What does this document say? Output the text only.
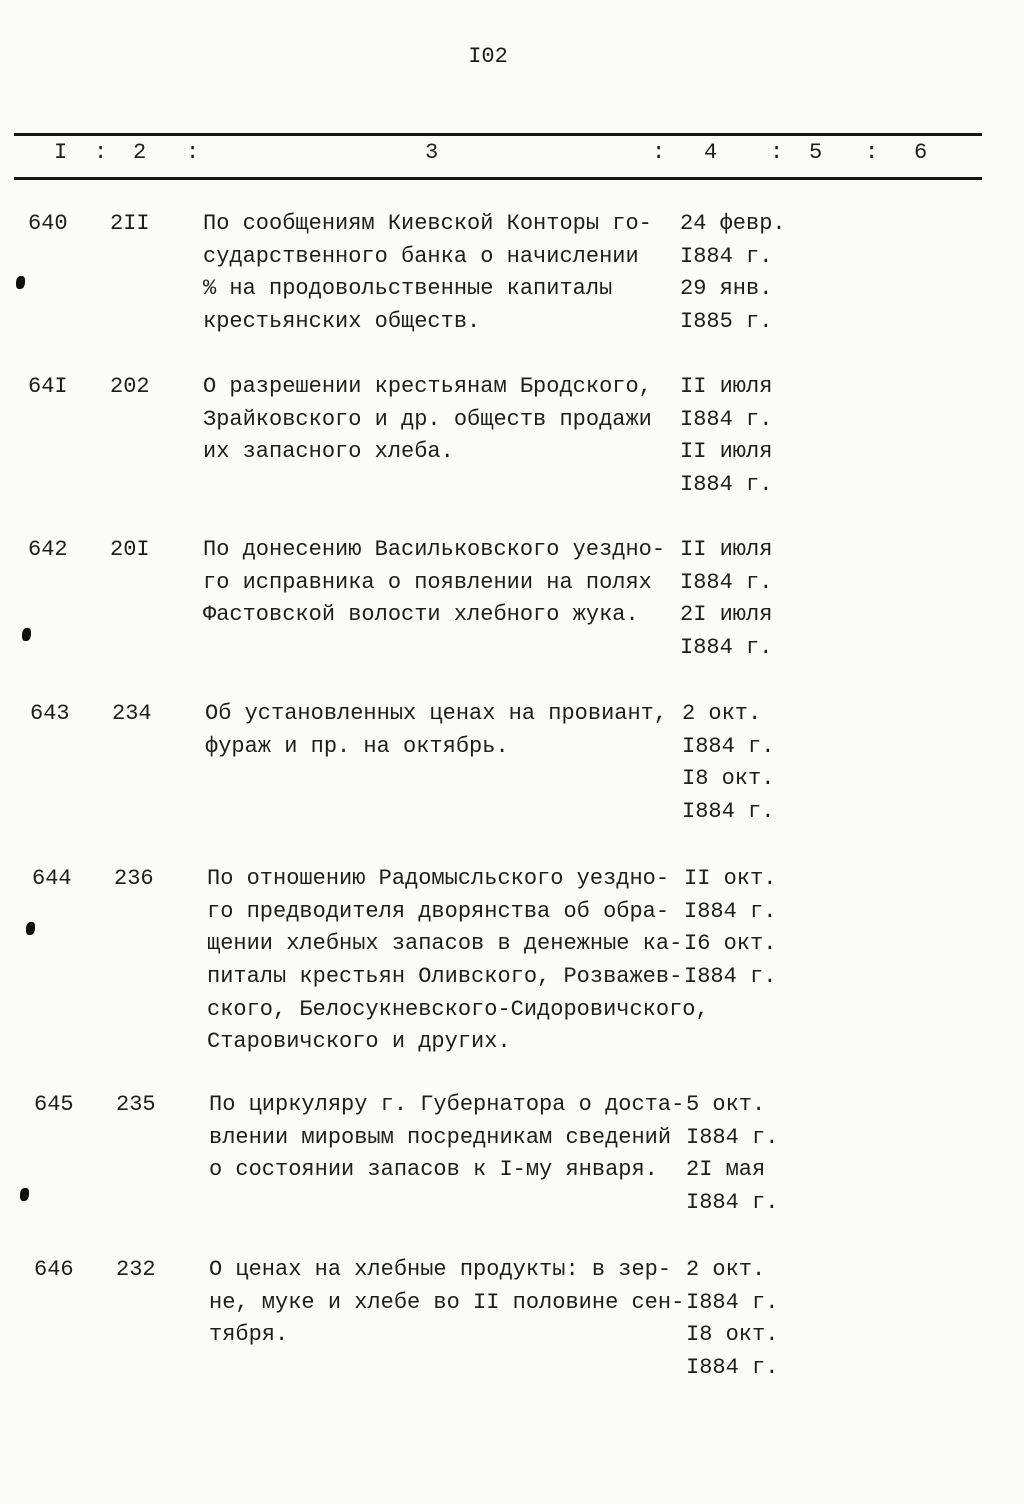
I02
I : 2 :	3	: 4 : 5 : 6
640 2II По сообщениям Киевской Конторы го-
сударственного банка о начислении
% на продовольственные капиталы
крестьянских обществ.
24 февр.
I884 г.
29 янв.
I885 г.
64I 202 О разрешении крестьянам Бродского,
Зрайковского и др. обществ продажи
их запасного хлеба.
II июля
I884 г.
II июля
I884 г.
642 20I По донесению Васильковского уездно-
го исправника о появлении на полях
Фастовской волости хлебного жука.
II июля
I884 г.
2I июля
I884 г.
643 234 Об установленных ценах на провиант,
фураж и пр. на октябрь.
2 окт.
I884 г.
I8 окт.
I884 г.
644 236 По отношению Радомысльского уездно-
го предводителя дворянства об обра-
щении хлебных запасов в денежные ка-
питалы крестьян Оливского, Розважев-
ского, Белосукневского-Сидоровичского,
Старовичского и других.
II окт.
I884 г.
I6 окт.
I884 г.
645 235 По циркуляру г. Губернатора о доста-
влении мировым посредникам сведений
о состоянии запасов к I-му января.
5 окт.
I884 г.
2I мая
I884 г.
646 232 О ценах на хлебные продукты: в зер-
не, муке и хлебе во II половине сен-
тября.
2 окт.
I884 г.
I8 окт.
I884 г.
